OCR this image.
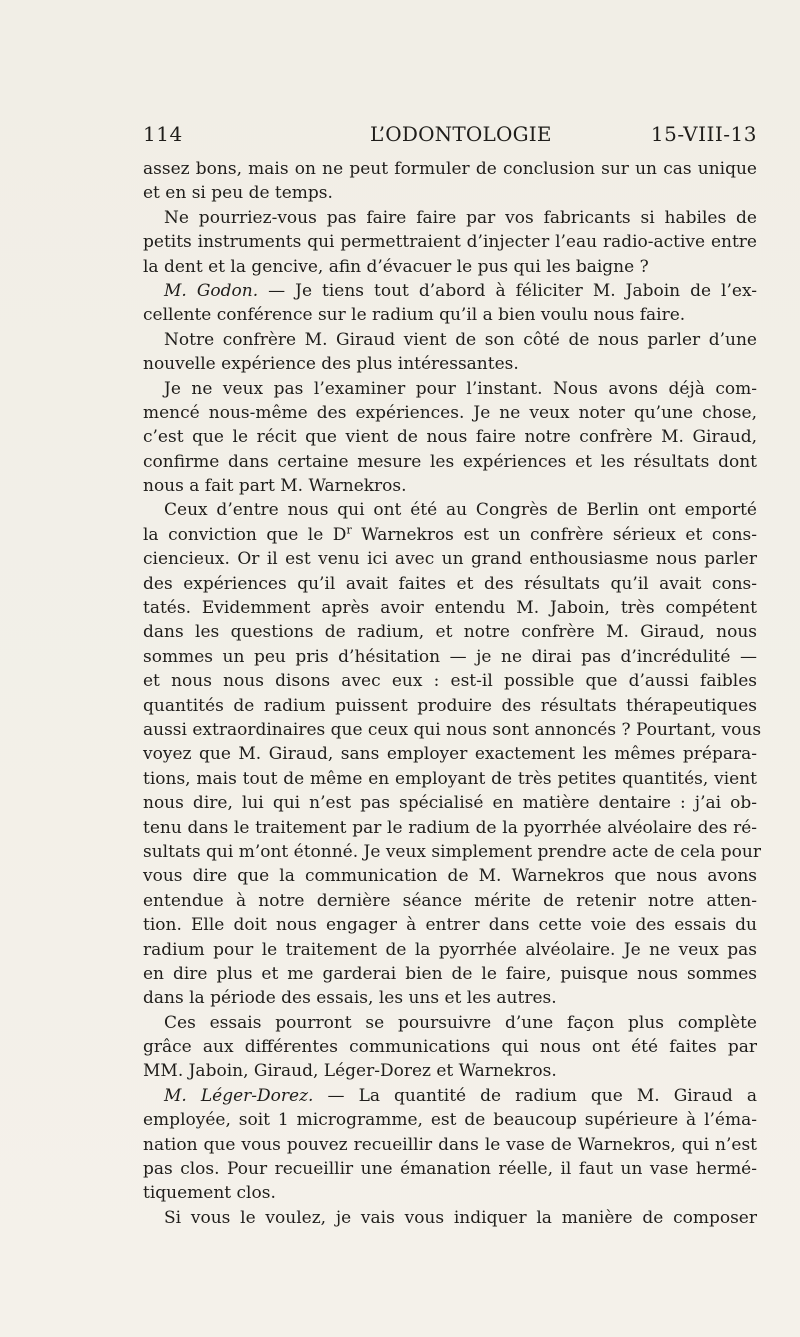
114	L’ODONTOLOGIE	15-VIII-13
assez bons, mais on ne peut formuler de conclusion sur un cas unique
et en si peu de temps.
Ne pourriez-vous pas faire faire par vos fabricants si habiles de
petits instruments qui permettraient d’injecter l’eau radio-active entre
la dent et la gencive, afin d’évacuer le pus qui les baigne ?
M. Godon. — Je tiens tout d’abord à féliciter M. Jaboin de l’ex-
cellente conférence sur le radium qu’il a bien voulu nous faire.
Notre confrère M. Giraud vient de son côté de nous parler d’une
nouvelle expérience des plus intéressantes.
Je ne veux pas l’examiner pour l’instant. Nous avons déjà com-
mencé nous-même des expériences. Je ne veux noter qu’une chose,
c’est que le récit que vient de nous faire notre confrère M. Giraud,
confirme dans certaine mesure les expériences et les résultats dont
nous a fait part M. Warnekros.
Ceux d’entre nous qui ont été au Congrès de Berlin ont emporté
la conviction que le $D^r$ Warnekros est un confrère sérieux et cons-
ciencieux. Or il est venu ici avec un grand enthousiasme nous parler
des expériences qu’il avait faites et des résultats qu’il avait cons-
tatés. Evidemment après avoir entendu M. Jaboin, très compétent
dans les questions de radium, et notre confrère M. Giraud, nous
sommes un peu pris d’hésitation — je ne dirai pas d’incrédulité —
et nous nous disons avec eux : est-il possible que d’aussi faibles
quantités de radium puissent produire des résultats thérapeutiques
aussi extraordinaires que ceux qui nous sont annoncés ? Pourtant, vous
voyez que M. Giraud, sans employer exactement les mêmes prépara-
tions, mais tout de même en employant de très petites quantités, vient
nous dire, lui qui n’est pas spécialisé en matière dentaire : j’ai ob-
tenu dans le traitement par le radium de la pyorrhée alvéolaire des ré-
sultats qui m’ont étonné. Je veux simplement prendre acte de cela pour
vous dire que la communication de M. Warnekros que nous avons
entendue à notre dernière séance mérite de retenir notre atten-
tion. Elle doit nous engager à entrer dans cette voie des essais du
radium pour le traitement de la pyorrhée alvéolaire. Je ne veux pas
en dire plus et me garderai bien de le faire, puisque nous sommes
dans la période des essais, les uns et les autres.
Ces essais pourront se poursuivre d’une façon plus complète
grâce aux différentes communications qui nous ont été faites par
MM. Jaboin, Giraud, Léger-Dorez et Warnekros.
M. Léger-Dorez. — La quantité de radium que M. Giraud a
employée, soit 1 microgramme, est de beaucoup supérieure à l’éma-
nation que vous pouvez recueillir dans le vase de Warnekros, qui n’est
pas clos. Pour recueillir une émanation réelle, il faut un vase hermé-
tiquement clos.
Si vous le voulez, je vais vous indiquer la manière de composer
